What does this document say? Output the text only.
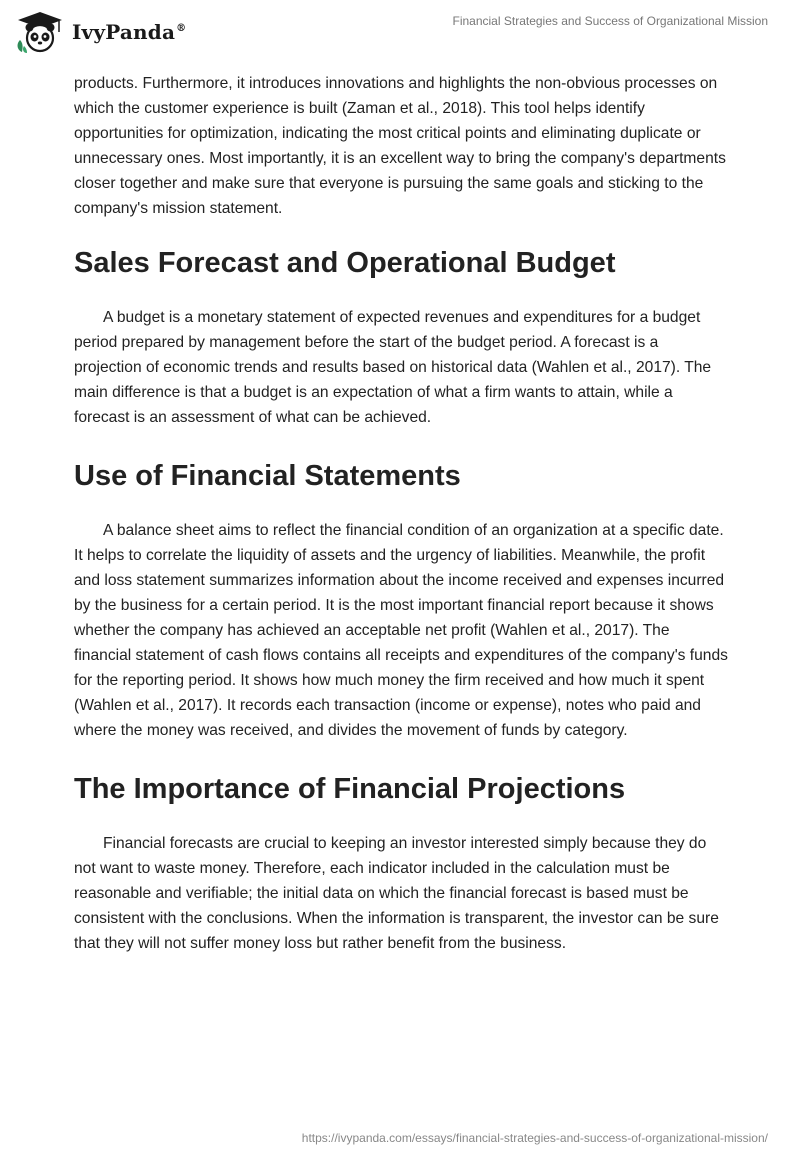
IvyPanda®
Financial Strategies and Success of Organizational Mission

products. Furthermore, it introduces innovations and highlights the non-obvious processes on which the customer experience is built (Zaman et al., 2018). This tool helps identify opportunities for optimization, indicating the most critical points and eliminating duplicate or unnecessary ones. Most importantly, it is an excellent way to bring the company's departments closer together and make sure that everyone is pursuing the same goals and sticking to the company's mission statement.

Sales Forecast and Operational Budget

A budget is a monetary statement of expected revenues and expenditures for a budget period prepared by management before the start of the budget period. A forecast is a projection of economic trends and results based on historical data (Wahlen et al., 2017). The main difference is that a budget is an expectation of what a firm wants to attain, while a forecast is an assessment of what can be achieved.

Use of Financial Statements

A balance sheet aims to reflect the financial condition of an organization at a specific date. It helps to correlate the liquidity of assets and the urgency of liabilities. Meanwhile, the profit and loss statement summarizes information about the income received and expenses incurred by the business for a certain period. It is the most important financial report because it shows whether the company has achieved an acceptable net profit (Wahlen et al., 2017). The financial statement of cash flows contains all receipts and expenditures of the company's funds for the reporting period. It shows how much money the firm received and how much it spent (Wahlen et al., 2017). It records each transaction (income or expense), notes who paid and where the money was received, and divides the movement of funds by category.

The Importance of Financial Projections

Financial forecasts are crucial to keeping an investor interested simply because they do not want to waste money. Therefore, each indicator included in the calculation must be reasonable and verifiable; the initial data on which the financial forecast is based must be consistent with the conclusions. When the information is transparent, the investor can be sure that they will not suffer money loss but rather benefit from the business.

https://ivypanda.com/essays/financial-strategies-and-success-of-organizational-mission/
